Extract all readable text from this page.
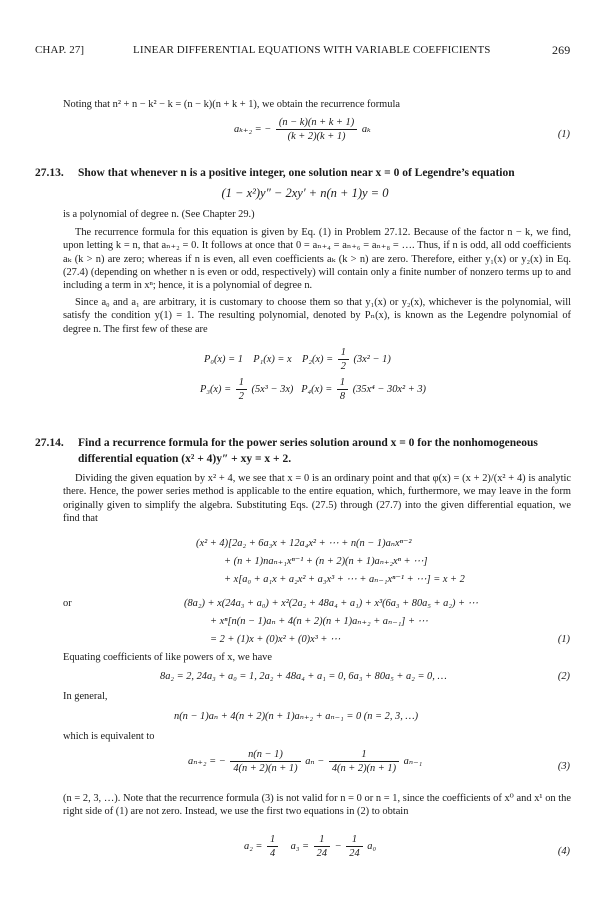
CHAP. 27]	LINEAR DIFFERENTIAL EQUATIONS WITH VARIABLE COEFFICIENTS	269
Noting that n² + n − k² − k = (n − k)(n + k + 1), we obtain the recurrence formula
aₖ₊₂ = − $\frac{(n - k)(n + k + 1)}{(k + 2)(k + 1)}$ aₖ	(1)
27.13. Show that whenever n is a positive integer, one solution near x = 0 of Legendre’s equation
(1 − x²)y″ − 2xy′ + n(n + 1)y = 0
is a polynomial of degree n. (See Chapter 29.)
The recurrence formula for this equation is given by Eq. (1) in Problem 27.12. Because of the factor n − k, we find, upon letting k = n, that aₙ₊₂ = 0. It follows at once that 0 = aₙ₊₄ = aₙ₊₆ = aₙ₊₈ = …. Thus, if n is odd, all odd coefficients aₖ (k > n) are zero; whereas if n is even, all even coefficients aₖ (k > n) are zero. Therefore, either y₁(x) or y₂(x) in Eq. (27.4) (depending on whether n is even or odd, respectively) will contain only a finite number of nonzero terms up to and including a term in xⁿ; hence, it is a polynomial of degree n.
Since a₀ and a₁ are arbitrary, it is customary to choose them so that y₁(x) or y₂(x), whichever is the polynomial, will satisfy the condition y(1) = 1. The resulting polynomial, denoted by Pₙ(x), is known as the Legendre polynomial of degree n. The first few of these are
P₀(x) = 1 P₁(x) = x $P_2(x) = \frac{1}{2} (3x^2 - 1)$
$P_3(x) = \frac{1}{2} (5x^3 - 3x) P_4(x) = \frac{1}{8} (35x^4 - 30x^2 + 3)$
27.14. Find a recurrence formula for the power series solution around x = 0 for the nonhomogeneous differential equation (x² + 4)y″ + xy = x + 2.
Dividing the given equation by x² + 4, we see that x = 0 is an ordinary point and that φ(x) = (x + 2)/(x² + 4) is analytic there. Hence, the power series method is applicable to the entire equation, which, furthermore, we may leave in the form originally given to simplify the algebra. Substituting Eqs. (27.5) through (27.7) into the given differential equation, we find that
(x² + 4)[2a₂ + 6a₃x + 12a₄x² + ⋯ + n(n − 1)aₙxⁿ⁻²
+ (n + 1)naₙ₊₁xⁿ⁻¹ + (n + 2)(n + 1)aₙ₊₂xⁿ + ⋯]
+ x[a₀ + a₁x + a₂x² + a₃x³ + ⋯ + aₙ₋₁xⁿ⁻¹ + ⋯] = x + 2
or	(8a₂) + x(24a₃ + a₀) + x²(2a₂ + 48a₄ + a₁) + x³(6a₃ + 80a₅ + a₂) + ⋯
+ xⁿ[n(n − 1)aₙ + 4(n + 2)(n + 1)aₙ₊₂ + aₙ₋₁] + ⋯
= 2 + (1)x + (0)x² + (0)x³ + ⋯	(1)
Equating coefficients of like powers of x, we have
8a₂ = 2, 24a₃ + a₀ = 1, 2a₂ + 48a₄ + a₁ = 0, 6a₃ + 80a₅ + a₂ = 0, …	(2)
In general,
n(n − 1)aₙ + 4(n + 2)(n + 1)aₙ₊₂ + aₙ₋₁ = 0 (n = 2, 3, …)
which is equivalent to
aₙ₊₂ = − $\frac{n(n - 1)}{4(n + 2)(n + 1)}$ $a_n - \frac{1}{4(n + 2)(n + 1)} a_{n-1}$	(3)
(n = 2, 3, …). Note that the recurrence formula (3) is not valid for n = 0 or n = 1, since the coefficients of x⁰ and x¹ on the right side of (1) are not zero. Instead, we use the first two equations in (2) to obtain
$a_2 = \frac{1}{4} a_3 = \frac{1}{24} - \frac{1}{24} a_0$	(4)
